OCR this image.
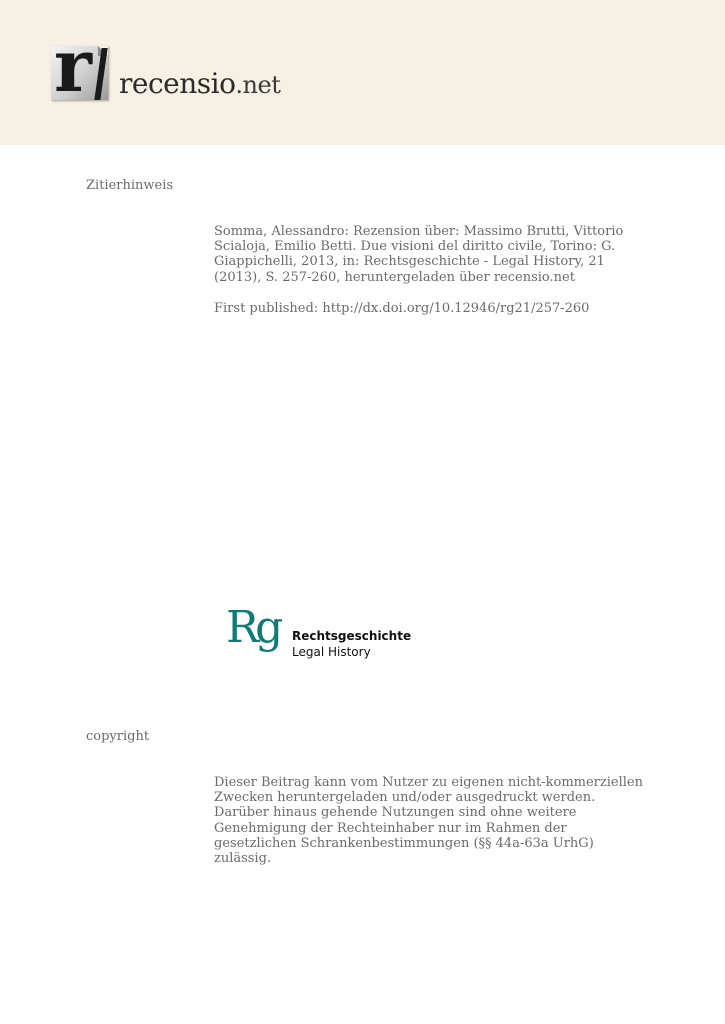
r recensio.net
Zitierhinweis
Somma, Alessandro: Rezension über: Massimo Brutti, Vittorio Scialoja, Emilio Betti. Due visioni del diritto civile, Torino: G. Giappichelli, 2013, in: Rechtsgeschichte - Legal History, 21 (2013), S. 257-260, heruntergeladen über recensio.net
First published: http://dx.doi.org/10.12946/rg21/257-260
Rg Rechtsgeschichte
Legal History
copyright
Dieser Beitrag kann vom Nutzer zu eigenen nicht-kommerziellen Zwecken heruntergeladen und/oder ausgedruckt werden. Darüber hinaus gehende Nutzungen sind ohne weitere Genehmigung der Rechteinhaber nur im Rahmen der gesetzlichen Schrankenbestimmungen (§§ 44a-63a UrhG) zulässig.
